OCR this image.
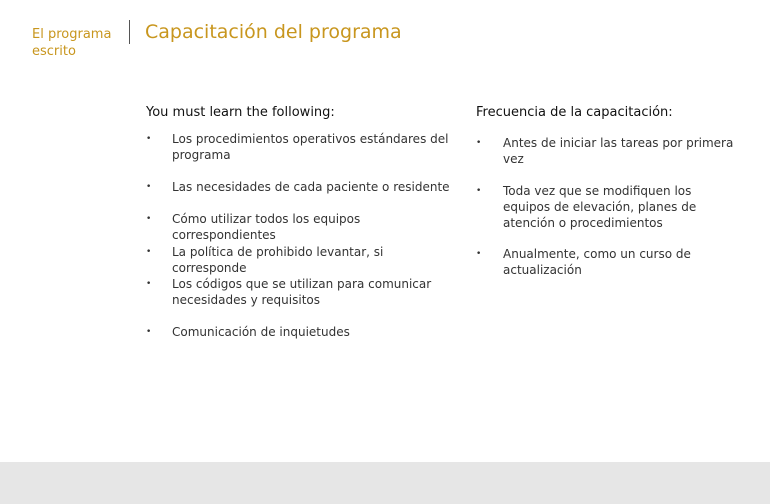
El programa escrito
Capacitación del programa
You must learn the following:	Frecuencia de la capacitación:
• Los procedimientos operativos estándares del programa
• Las necesidades de cada paciente o residente
• Cómo utilizar todos los equipos correspondientes
• La política de prohibido levantar, si corresponde
• Los códigos que se utilizan para comunicar necesidades y requisitos
• Comunicación de inquietudes
• Antes de iniciar las tareas por primera vez
• Toda vez que se modifiquen los equipos de elevación, planes de atención o procedimientos
• Anualmente, como un curso de actualización
